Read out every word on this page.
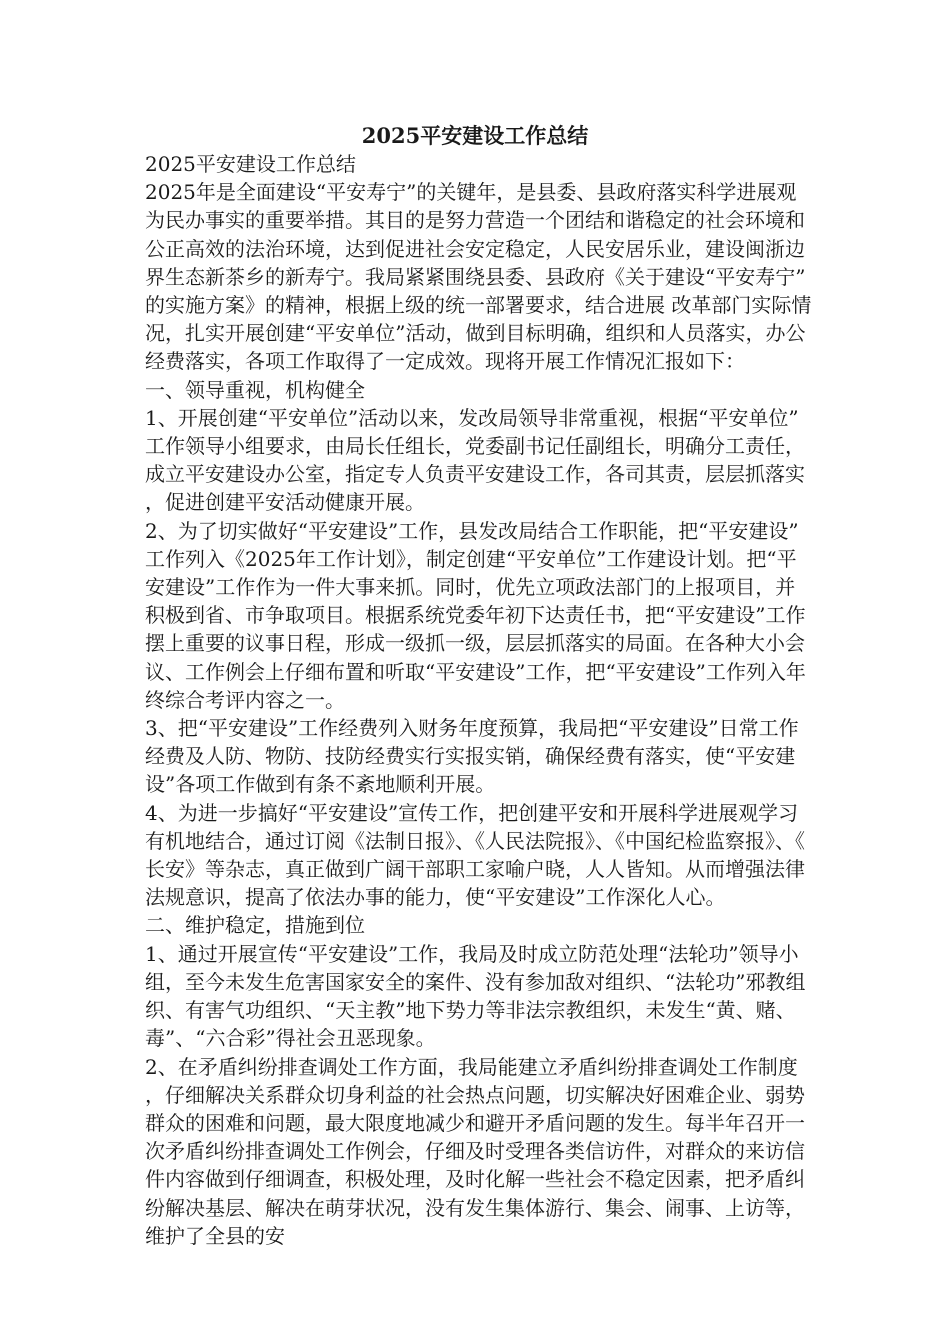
2025平安建设工作总结

2025平安建设工作总结

2025年是全面建设“平安寿宁”的关键年，是县委、县政府落实科学进展观为民办事实的重要举措。其目的是努力营造一个团结和谐稳定的社会环境和公正高效的法治环境，达到促进社会安定稳定，人民安居乐业，建设闽浙边界生态新茶乡的新寿宁。我局紧紧围绕县委、县政府《关于建设“平安寿宁”的实施方案》的精神，根据上级的统一部署要求，结合进展 改革部门实际情况，扎实开展创建“平安单位”活动，做到目标明确，组织和人员落实，办公经费落实，各项工作取得了一定成效。现将开展工作情况汇报如下：

一、领导重视，机构健全

1、开展创建“平安单位”活动以来，发改局领导非常重视，根据“平安单位”工作领导小组要求，由局长任组长，党委副书记任副组长，明确分工责任，成立平安建设办公室，指定专人负责平安建设工作，各司其责，层层抓落实，促进创建平安活动健康开展。

2、为了切实做好“平安建设”工作，县发改局结合工作职能，把“平安建设”工作列入《2025年工作计划》，制定创建“平安单位”工作建设计划。把“平安建设”工作作为一件大事来抓。同时，优先立项政法部门的上报项目，并积极到省、市争取项目。根据系统党委年初下达责任书，把“平安建设”工作摆上重要的议事日程，形成一级抓一级，层层抓落实的局面。在各种大小会议、工作例会上仔细布置和听取“平安建设”工作，把“平安建设”工作列入年终综合考评内容之一。

3、把“平安建设”工作经费列入财务年度预算，我局把“平安建设”日常工作经费及人防、物防、技防经费实行实报实销，确保经费有落实，使“平安建设”各项工作做到有条不紊地顺利开展。

4、为进一步搞好“平安建设”宣传工作，把创建平安和开展科学进展观学习有机地结合，通过订阅《法制日报》、《人民法院报》、《中国纪检监察报》、《长安》等杂志，真正做到广阔干部职工家喻户晓，人人皆知。从而增强法律法规意识，提高了依法办事的能力，使“平安建设”工作深化人心。

二、维护稳定，措施到位

1、通过开展宣传“平安建设”工作，我局及时成立防范处理“法轮功”领导小组，至今未发生危害国家安全的案件、没有参加敌对组织、“法轮功”邪教组织、有害气功组织、“天主教”地下势力等非法宗教组织，未发生“黄、赌、毒”、“六合彩”得社会丑恶现象。

2、在矛盾纠纷排查调处工作方面，我局能建立矛盾纠纷排查调处工作制度，仔细解决关系群众切身利益的社会热点问题，切实解决好困难企业、弱势群众的困难和问题，最大限度地减少和避开矛盾问题的发生。每半年召开一次矛盾纠纷排查调处工作例会，仔细及时受理各类信访件，对群众的来访信件内容做到仔细调查，积极处理，及时化解一些社会不稳定因素，把矛盾纠纷解决基层、解决在萌芽状况，没有发生集体游行、集会、闹事、上访等，维护了全县的安
